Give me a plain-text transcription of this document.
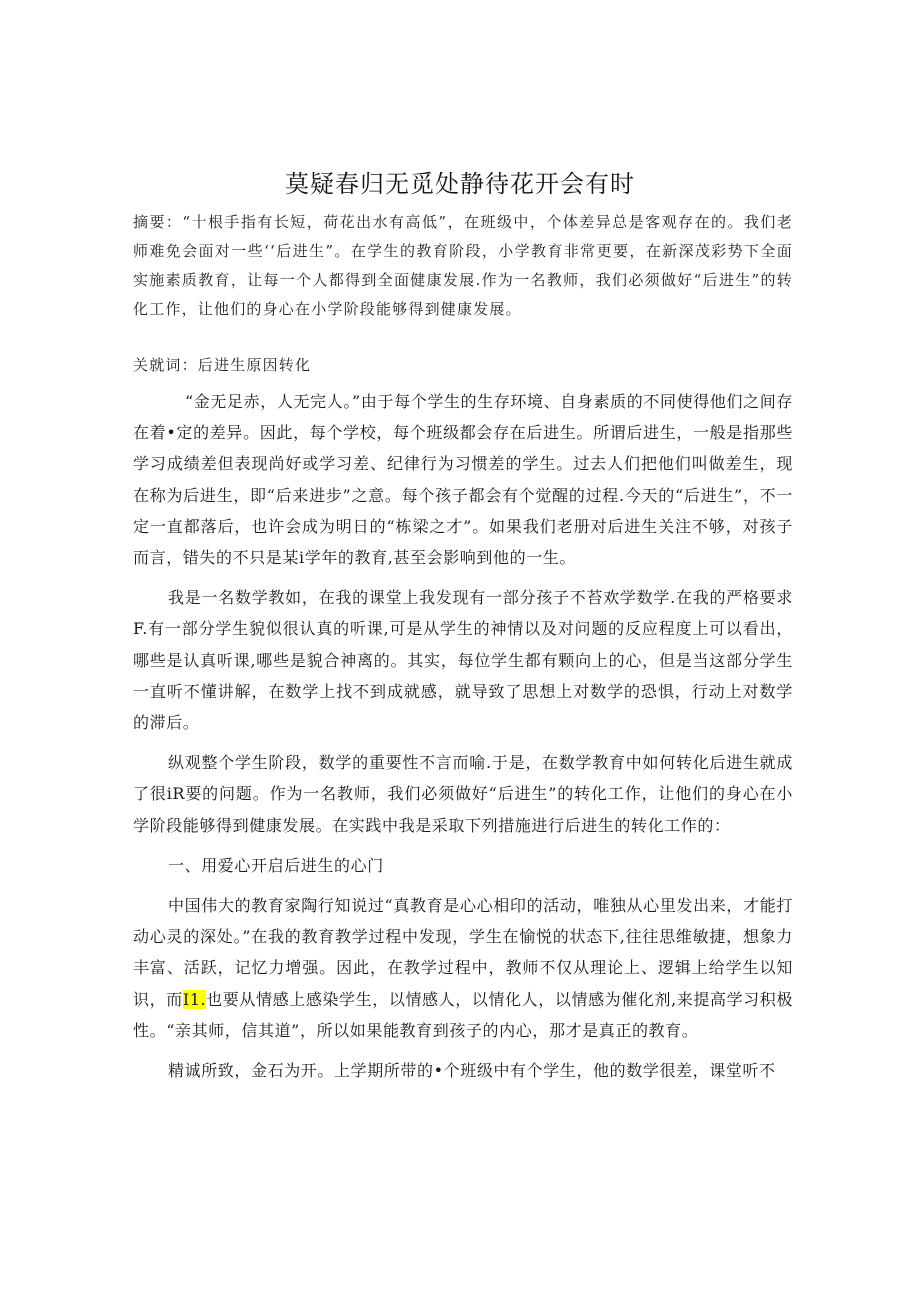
莫疑春归无觅处静待花开会有时

摘要：“十根手指有长短，荷花出水有高低”，在班级中，个体差异总是客观存在的。我们老师难免会面对一些‘‘后进生”。在学生的教育阶段，小学教育非常更要，在新深茂彩势下全面实施素质教育，让每一个人都得到全面健康发展.作为一名教师，我们必须做好“后进生”的转化工作，让他们的身心在小学阶段能够得到健康发展。

关就词：后进生原因转化

“金无足赤，人无完人。”由于每个学生的生存环境、自身素质的不同使得他们之间存在着•定的差异。因此，每个学校，每个班级都会存在后进生。所谓后进生，一般是指那些学习成绩差但表现尚好或学习差、纪律行为习惯差的学生。过去人们把他们叫做差生，现在称为后进生，即“后来进步”之意。每个孩子都会有个觉醒的过程.今天的“后进生”，不一定一直都落后，也许会成为明日的“栋梁之才”。如果我们老册对后进生关注不够，对孩子而言，错失的不只是某i学年的教育,甚至会影响到他的一生。

我是一名数学教如，在我的课堂上我发现有一部分孩子不苔欢学数学.在我的严格要求F.有一部分学生貌似很认真的听课,可是从学生的神情以及对问题的反应程度上可以看出，哪些是认真听课,哪些是貌合神离的。其实，每位学生都有颗向上的心，但是当这部分学生一直听不懂讲解，在数学上找不到成就感，就导致了思想上对数学的恐惧，行动上对数学的滞后。

纵观整个学生阶段，数学的重要性不言而喻.于是，在数学教育中如何转化后进生就成了很iR要的问题。作为一名教师，我们必须做好“后进生”的转化工作，让他们的身心在小学阶段能够得到健康发展。在实践中我是采取下列措施进行后进生的转化工作的：

一、用爱心开启后进生的心门

中国伟大的教育家陶行知说过“真教育是心心相印的活动，唯独从心里发出来，才能打动心灵的深处。”在我的教育教学过程中发现，学生在愉悦的状态下,往往思维敏捷，想象力丰富、活跃，记忆力增强。因此，在教学过程中，教师不仅从理论上、逻辑上给学生以知识，而I1.也要从情感上感染学生，以情感人，以情化人，以情感为催化剂,来提高学习积极性。“亲其师，信其道”，所以如果能教育到孩子的内心，那才是真正的教育。

精诚所致，金石为开。上学期所带的•个班级中有个学生，他的数学很差，课堂听不
